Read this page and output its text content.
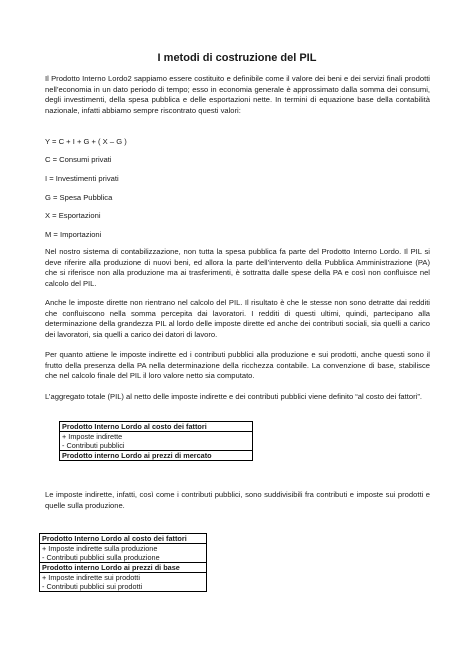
I metodi di costruzione del PIL
Il Prodotto Interno Lordo2 sappiamo essere costituito e definibile come il valore dei beni e dei servizi finali prodotti nell’economia in un dato periodo di tempo; esso in economia generale è approssimato dalla somma dei consumi, degli investimenti, della spesa pubblica e delle esportazioni nette. In termini di equazione base della contabilità nazionale, infatti abbiamo sempre riscontrato questi valori:
Y = C + I + G + ( X – G )
C = Consumi privati
I = Investimenti privati
G = Spesa Pubblica
X = Esportazioni
M = Importazioni
Nel nostro sistema di contabilizzazione, non tutta la spesa pubblica fa parte del Prodotto Interno Lordo. Il PIL si deve riferire alla produzione di nuovi beni, ed allora la parte dell’intervento della Pubblica Amministrazione (PA) che si riferisce non alla produzione ma ai trasferimenti, è sottratta dalle spese della PA e così non confluisce nel calcolo del PIL.
Anche le imposte dirette non rientrano nel calcolo del PIL. Il risultato è che le stesse non sono detratte dai redditi che confluiscono nella somma percepita dai lavoratori. I redditi di questi ultimi, quindi, partecipano alla determinazione della grandezza PIL al lordo delle imposte dirette ed anche dei contributi sociali, sia quelli a carico dei lavoratori, sia quelli a carico dei datori di lavoro.
Per quanto attiene le imposte indirette ed i contributi pubblici alla produzione e sui prodotti, anche questi sono il frutto della presenza della PA nella determinazione della ricchezza contabile. La convenzione di base, stabilisce che nel calcolo finale del PIL il loro valore netto sia computato.
L’aggregato totale (PIL) al netto delle imposte indirette e dei contributi pubblici viene definito “al costo dei fattori”.
Prodotto Interno Lordo al costo dei fattori

+ Imposte indirette
- Contributi pubblici

Prodotto interno Lordo ai prezzi di mercato
Le imposte indirette, infatti, così come i contributi pubblici, sono suddivisibili fra contributi e imposte sui prodotti e quelle sulla produzione.
Prodotto Interno Lordo al costo dei fattori

+ Imposte indirette sulla produzione
- Contributi pubblici sulla produzione

Prodotto interno Lordo ai prezzi di base

+ Imposte indirette sui prodotti
- Contributi pubblici sui prodotti
